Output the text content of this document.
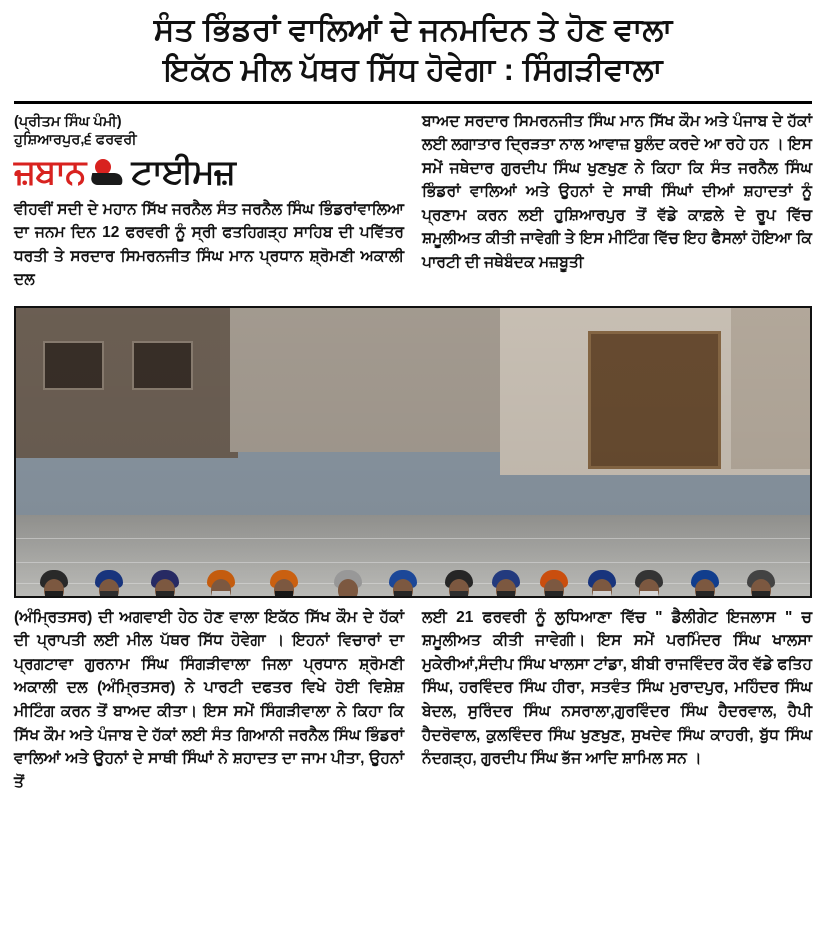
ਸੰਤ ਭਿੰਡਰਾਂ ਵਾਲਿਆਂ ਦੇ ਜਨਮਦਿਨ ਤੇ ਹੋਣ ਵਾਲਾ
ਇਕੱਠ ਮੀਲ ਪੱਥਰ ਸਿੱਧ ਹੋਵੇਗਾ : ਸਿੰਗੜੀਵਾਲਾ
(ਪ੍ਰੀਤਮ ਸਿੰਘ ਪੰਮੀ)
ਹੁਸ਼ਿਆਰਪੁਰ,੬ ਫਰਵਰੀ
ਜ਼ਬਾਨ ਟਾਈਮਜ਼

ਵੀਹਵੀਂ ਸਦੀ ਦੇ ਮਹਾਨ ਸਿੱਖ ਜਰਨੈਲ ਸੰਤ ਜਰਨੈਲ ਸਿੰਘ ਭਿੰਡਰਾਂਵਾਲਿਆ ਦਾ ਜਨਮ ਦਿਨ 12 ਫਰਵਰੀ ਨੂੰ ਸ੍ਰੀ ਫਤਹਿਗੜ੍ਹ ਸਾਹਿਬ ਦੀ ਪਵਿੱਤਰ ਧਰਤੀ ਤੇ ਸਰਦਾਰ ਸਿਮਰਨਜੀਤ ਸਿੰਘ ਮਾਨ ਪ੍ਰਧਾਨ ਸ਼੍ਰੋਮਣੀ ਅਕਾਲੀ ਦਲ

ਬਾਅਦ ਸਰਦਾਰ ਸਿਮਰਨਜੀਤ ਸਿੰਘ ਮਾਨ ਸਿੱਖ ਕੌਮ ਅਤੇ ਪੰਜਾਬ ਦੇ ਹੱਕਾਂ ਲਈ ਲਗਾਤਾਰ ਦ੍ਰਿੜਤਾ ਨਾਲ ਆਵਾਜ਼ ਬੁਲੰਦ ਕਰਦੇ ਆ ਰਹੇ ਹਨ । ਇਸ ਸਮੇਂ ਜਥੇਦਾਰ ਗੁਰਦੀਪ ਸਿੰਘ ਖੁਣਖੁਣ ਨੇ ਕਿਹਾ ਕਿ ਸੰਤ ਜਰਨੈਲ ਸਿੰਘ ਭਿੰਡਰਾਂ ਵਾਲਿਆਂ ਅਤੇ ਉਹਨਾਂ ਦੇ ਸਾਥੀ ਸਿੰਘਾਂ ਦੀਆਂ ਸ਼ਹਾਦਤਾਂ ਨੂੰ ਪ੍ਰਣਾਮ ਕਰਨ ਲਈ ਹੁਸ਼ਿਆਰਪੁਰ ਤੋਂ ਵੱਡੇ ਕਾਫ਼ਲੇ ਦੇ ਰੂਪ ਵਿੱਚ ਸ਼ਮੂਲੀਅਤ ਕੀਤੀ ਜਾਵੇਗੀ ਤੇ ਇਸ ਮੀਟਿੰਗ ਵਿੱਚ ਇਹ ਫੈਸਲਾਂ ਹੋਇਆ ਕਿ ਪਾਰਟੀ ਦੀ ਜਥੇਬੰਦਕ ਮਜ਼ਬੂਤੀ

(ਅੰਮ੍ਰਿਤਸਰ) ਦੀ ਅਗਵਾਈ ਹੇਠ ਹੋਣ ਵਾਲਾ ਇਕੱਠ ਸਿੱਖ ਕੌਮ ਦੇ ਹੱਕਾਂ ਦੀ ਪ੍ਰਾਪਤੀ ਲਈ ਮੀਲ ਪੱਥਰ ਸਿੱਧ ਹੋਵੇਗਾ । ਇਹਨਾਂ ਵਿਚਾਰਾਂ ਦਾ ਪ੍ਰਗਟਾਵਾ ਗੁਰਨਾਮ ਸਿੰਘ ਸਿੰਗੜੀਵਾਲਾ ਜਿਲਾ ਪ੍ਰਧਾਨ ਸ਼੍ਰੋਮਣੀ ਅਕਾਲੀ ਦਲ (ਅੰਮ੍ਰਿਤਸਰ) ਨੇ ਪਾਰਟੀ ਦਫਤਰ ਵਿਖੇ ਹੋਈ ਵਿਸ਼ੇਸ਼ ਮੀਟਿੰਗ ਕਰਨ ਤੋਂ ਬਾਅਦ ਕੀਤਾ। ਇਸ ਸਮੇਂ ਸਿੰਗੜੀਵਾਲਾ ਨੇ ਕਿਹਾ ਕਿ ਸਿੱਖ ਕੌਮ ਅਤੇ ਪੰਜਾਬ ਦੇ ਹੱਕਾਂ ਲਈ ਸੰਤ ਗਿਆਨੀ ਜਰਨੈਲ ਸਿੰਘ ਭਿੰਡਰਾਂ ਵਾਲਿਆਂ ਅਤੇ ਉਹਨਾਂ ਦੇ ਸਾਥੀ ਸਿੰਘਾਂ ਨੇ ਸ਼ਹਾਦਤ ਦਾ ਜਾਮ ਪੀਤਾ, ਉਹਨਾਂ ਤੋਂ

ਲਈ 21 ਫਰਵਰੀ ਨੂੰ ਲੁਧਿਆਣਾ ਵਿੱਚ " ਡੈਲੀਗੇਟ ਇਜਲਾਸ " ਚ ਸ਼ਮੂਲੀਅਤ ਕੀਤੀ ਜਾਵੇਗੀ। ਇਸ ਸਮੇਂ ਪਰਮਿੰਦਰ ਸਿੰਘ ਖਾਲਸਾ ਮੁਕੇਰੀਆਂ,ਸੰਦੀਪ ਸਿੰਘ ਖਾਲਸਾ ਟਾਂਡਾ, ਬੀਬੀ ਰਾਜਵਿੰਦਰ ਕੌਰ ਵੱਡੇ ਫਤਿਹ ਸਿੰਘ, ਹਰਵਿੰਦਰ ਸਿੰਘ ਹੀਰਾ, ਸਤਵੰਤ ਸਿੰਘ ਮੁਰਾਦਪੁਰ, ਮਹਿੰਦਰ ਸਿੰਘ ਬੇਦਲ, ਸੁਰਿੰਦਰ ਸਿੰਘ ਨਸਰਾਲਾ,ਗੁਰਵਿੰਦਰ ਸਿੰਘ ਹੈਦਰਵਾਲ, ਹੈਪੀ ਹੈਦਰੋਵਾਲ, ਕੁਲਵਿੰਦਰ ਸਿੰਘ ਖੁਣਖੁਣ, ਸੁਖਦੇਵ ਸਿੰਘ ਕਾਹਰੀ, ਬੁੱਧ ਸਿੰਘ ਨੰਦਗੜ੍ਹ, ਗੁਰਦੀਪ ਸਿੰਘ ਭੱਜ ਆਦਿ ਸ਼ਾਮਿਲ ਸਨ ।
